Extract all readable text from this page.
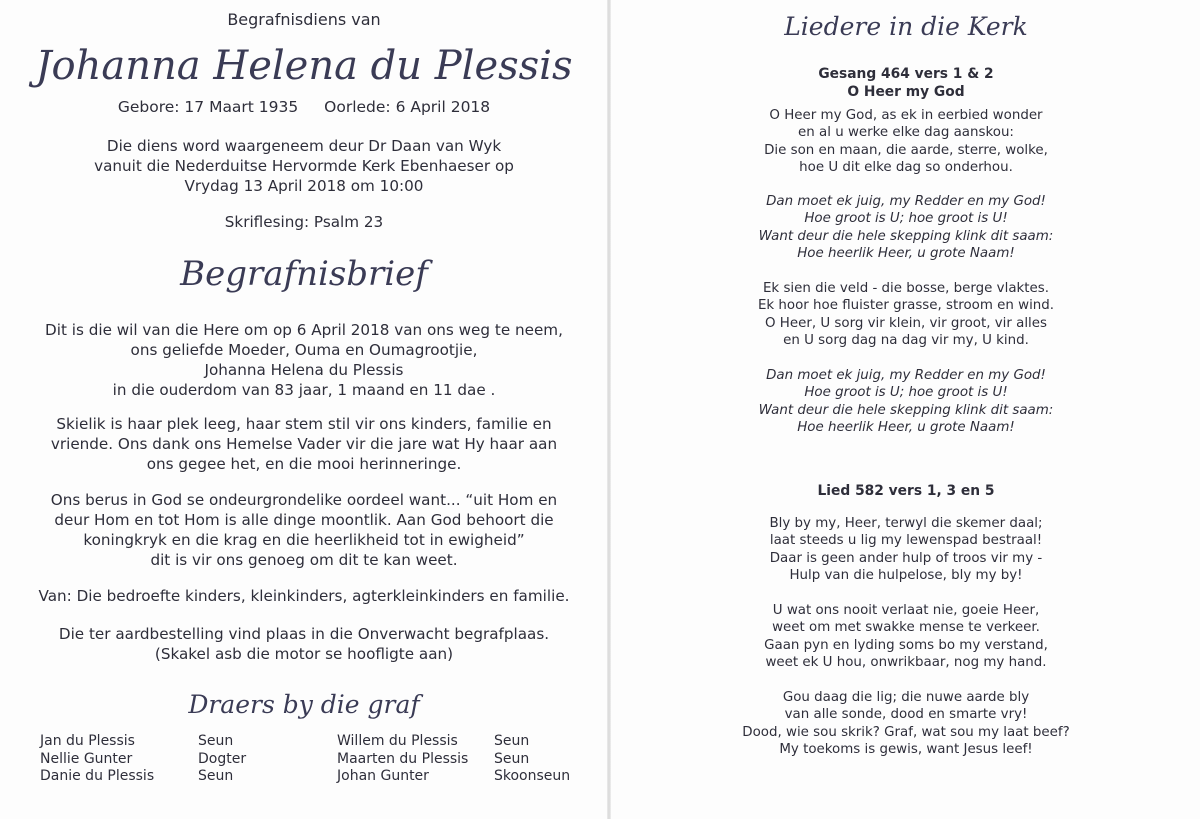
Begrafnisdiens van
Johanna Helena du Plessis
Gebore: 17 Maart 1935 Oorlede: 6 April 2018
Die diens word waargeneem deur Dr Daan van Wyk
vanuit die Nederduitse Hervormde Kerk Ebenhaeser op
Vrydag 13 April 2018 om 10:00
Skriflesing: Psalm 23
Begrafnisbrief
Dit is die wil van die Here om op 6 April 2018 van ons weg te neem,
ons geliefde Moeder, Ouma en Oumagrootjie,
Johanna Helena du Plessis
in die ouderdom van 83 jaar, 1 maand en 11 dae .
Skielik is haar plek leeg, haar stem stil vir ons kinders, familie en
vriende. Ons dank ons Hemelse Vader vir die jare wat Hy haar aan
ons gegee het, en die mooi herinneringe.
Ons berus in God se ondeurgrondelike oordeel want... “uit Hom en
deur Hom en tot Hom is alle dinge moontlik. Aan God behoort die
koningkryk en die krag en die heerlikheid tot in ewigheid”
dit is vir ons genoeg om dit te kan weet.
Van: Die bedroefte kinders, kleinkinders, agterkleinkinders en familie.
Die ter aardbestelling vind plaas in die Onverwacht begrafplaas.
(Skakel asb die motor se hoofligte aan)
Draers by die graf
Jan du Plessis
Nellie Gunter
Danie du Plessis
Seun
Dogter
Seun
Willem du Plessis
Maarten du Plessis
Johan Gunter
Seun
Seun
Skoonseun
Liedere in die Kerk
Gesang 464 vers 1 & 2
O Heer my God
O Heer my God, as ek in eerbied wonder
en al u werke elke dag aanskou:
Die son en maan, die aarde, sterre, wolke,
hoe U dit elke dag so onderhou.
Dan moet ek juig, my Redder en my God!
Hoe groot is U; hoe groot is U!
Want deur die hele skepping klink dit saam:
Hoe heerlik Heer, u grote Naam!
Ek sien die veld - die bosse, berge vlaktes.
Ek hoor hoe fluister grasse, stroom en wind.
O Heer, U sorg vir klein, vir groot, vir alles
en U sorg dag na dag vir my, U kind.
Dan moet ek juig, my Redder en my God!
Hoe groot is U; hoe groot is U!
Want deur die hele skepping klink dit saam:
Hoe heerlik Heer, u grote Naam!
Lied 582 vers 1, 3 en 5
Bly by my, Heer, terwyl die skemer daal;
laat steeds u lig my lewenspad bestraal!
Daar is geen ander hulp of troos vir my -
Hulp van die hulpelose, bly my by!
U wat ons nooit verlaat nie, goeie Heer,
weet om met swakke mense te verkeer.
Gaan pyn en lyding soms bo my verstand,
weet ek U hou, onwrikbaar, nog my hand.
Gou daag die lig; die nuwe aarde bly
van alle sonde, dood en smarte vry!
Dood, wie sou skrik? Graf, wat sou my laat beef?
My toekoms is gewis, want Jesus leef!
